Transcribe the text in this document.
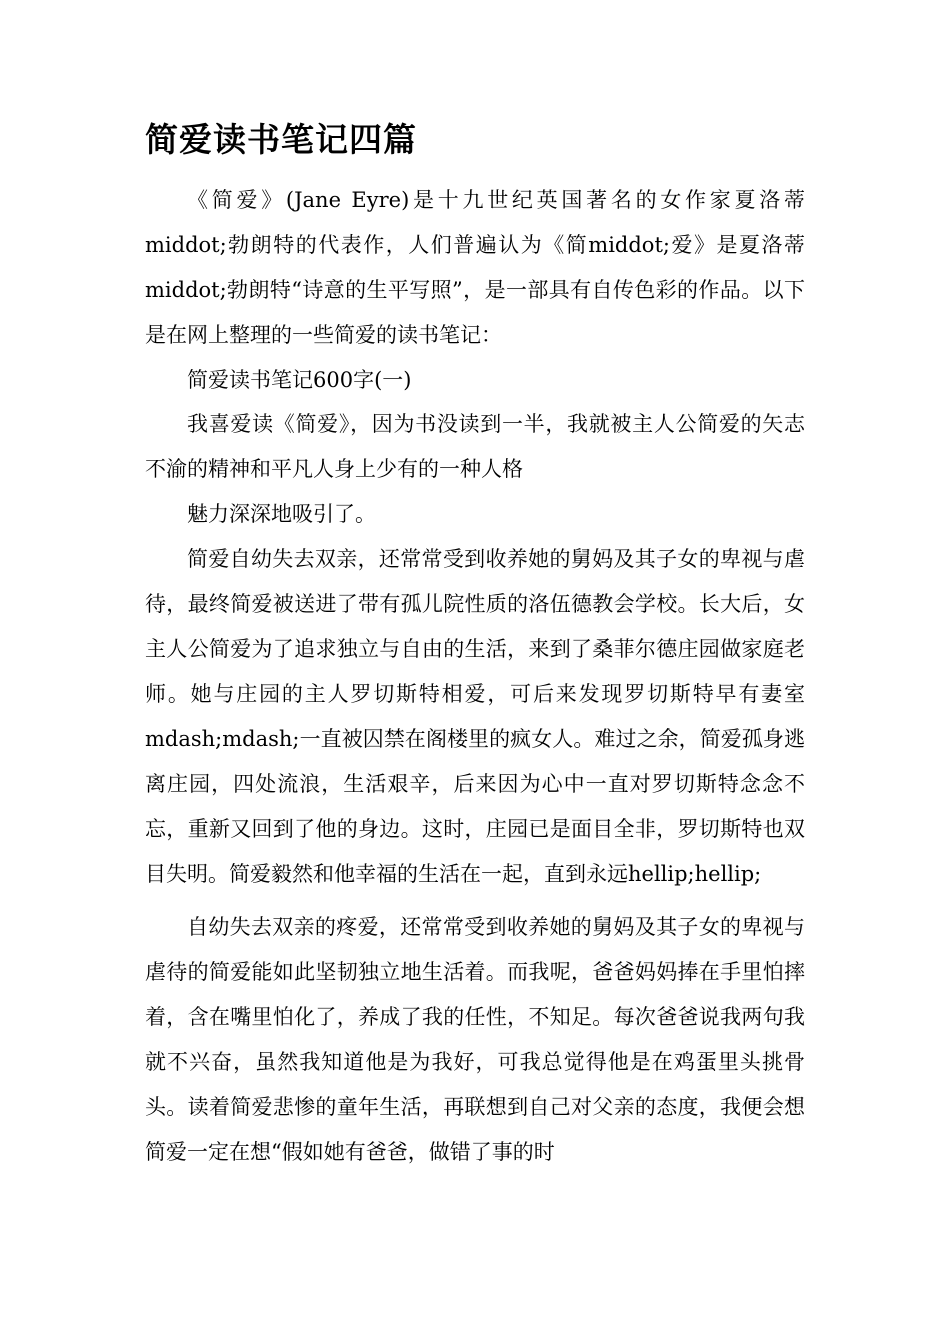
简爱读书笔记四篇

《简爱》(Jane Eyre)是十九世纪英国著名的女作家夏洛蒂middot;勃朗特的代表作，人们普遍认为《简middot;爱》是夏洛蒂middot;勃朗特“诗意的生平写照”，是一部具有自传色彩的作品。以下是在网上整理的一些简爱的读书笔记：

简爱读书笔记600字(一)

我喜爱读《简爱》，因为书没读到一半，我就被主人公简爱的矢志不渝的精神和平凡人身上少有的一种人格

魅力深深地吸引了。

简爱自幼失去双亲，还常常受到收养她的舅妈及其子女的卑视与虐待，最终简爱被送进了带有孤儿院性质的洛伍德教会学校。长大后，女主人公简爱为了追求独立与自由的生活，来到了桑菲尔德庄园做家庭老师。她与庄园的主人罗切斯特相爱，可后来发现罗切斯特早有妻室mdash;mdash;一直被囚禁在阁楼里的疯女人。难过之余，简爱孤身逃离庄园，四处流浪，生活艰辛，后来因为心中一直对罗切斯特念念不忘，重新又回到了他的身边。这时，庄园已是面目全非，罗切斯特也双目失明。简爱毅然和他幸福的生活在一起，直到永远hellip;hellip;

自幼失去双亲的疼爱，还常常受到收养她的舅妈及其子女的卑视与虐待的简爱能如此坚韧独立地生活着。而我呢，爸爸妈妈捧在手里怕摔着，含在嘴里怕化了，养成了我的任性，不知足。每次爸爸说我两句我就不兴奋，虽然我知道他是为我好，可我总觉得他是在鸡蛋里头挑骨头。读着简爱悲惨的童年生活，再联想到自己对父亲的态度，我便会想简爱一定在想“假如她有爸爸，做错了事的时
